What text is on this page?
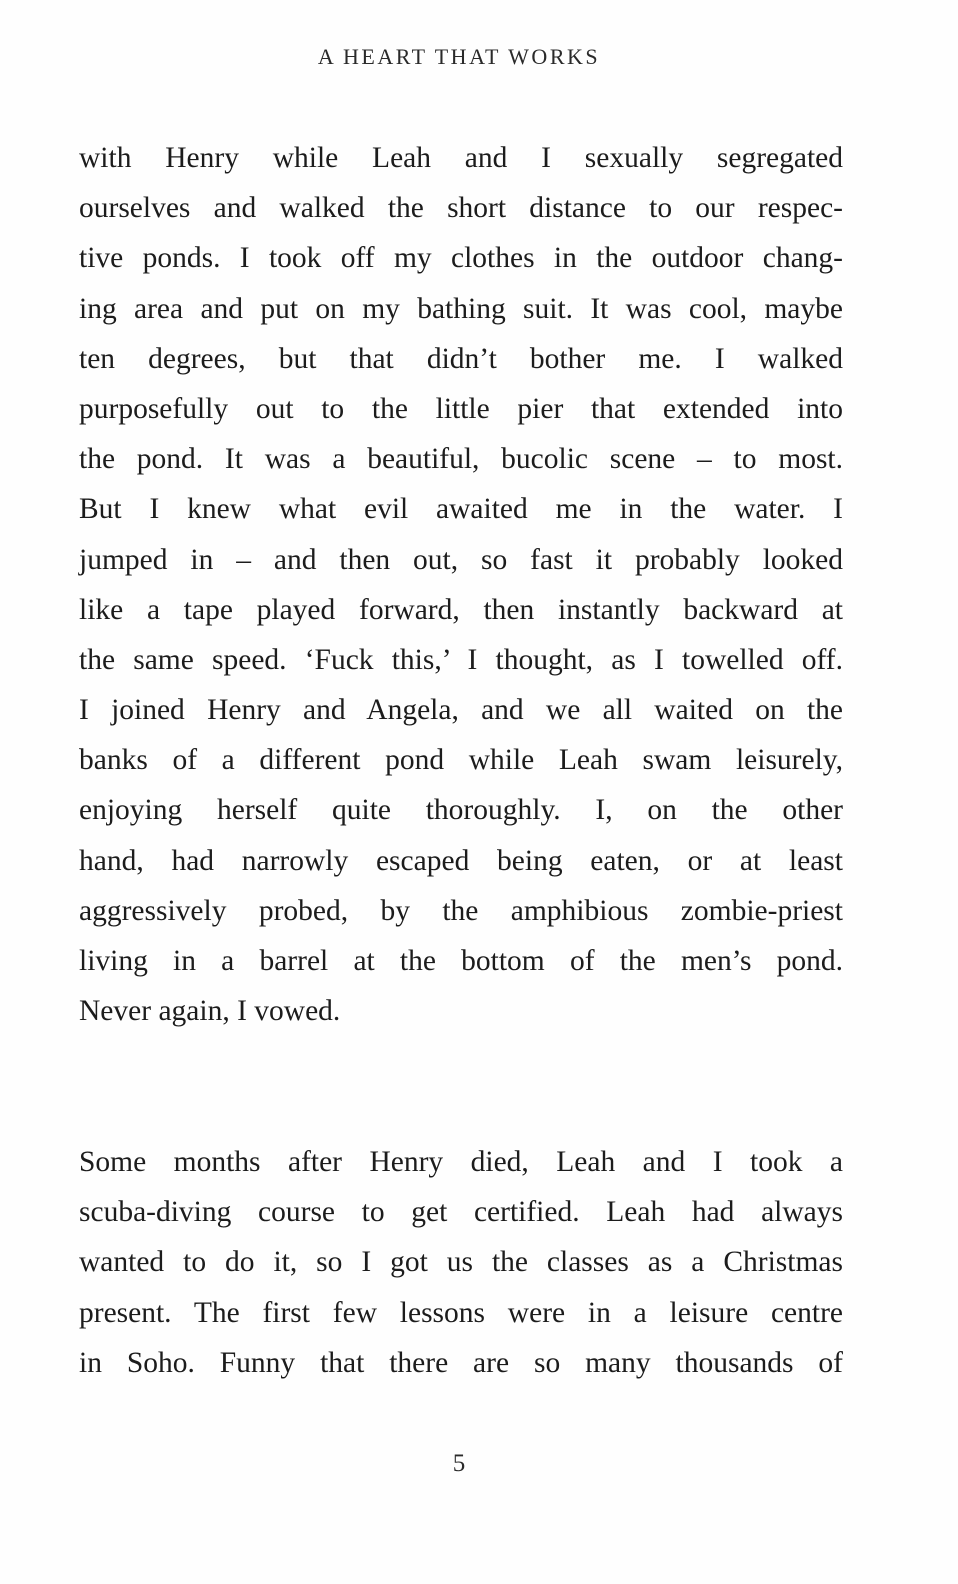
A HEART THAT WORKS
with Henry while Leah and I sexually segregated
ourselves and walked the short distance to our respec-
tive ponds. I took off my clothes in the outdoor chang-
ing area and put on my bathing suit. It was cool, maybe
ten degrees, but that didn’t bother me. I walked
purposefully out to the little pier that extended into
the pond. It was a beautiful, bucolic scene – to most.
But I knew what evil awaited me in the water. I
jumped in – and then out, so fast it probably looked
like a tape played forward, then instantly backward at
the same speed. ‘Fuck this,’ I thought, as I towelled off.
I joined Henry and Angela, and we all waited on the
banks of a different pond while Leah swam leisurely,
enjoying herself quite thoroughly. I, on the other
hand, had narrowly escaped being eaten, or at least
aggressively probed, by the amphibious zombie-priest
living in a barrel at the bottom of the men’s pond.
Never again, I vowed.
Some months after Henry died, Leah and I took a
scuba-diving course to get certified. Leah had always
wanted to do it, so I got us the classes as a Christmas
present. The first few lessons were in a leisure centre
in Soho. Funny that there are so many thousands of
5
